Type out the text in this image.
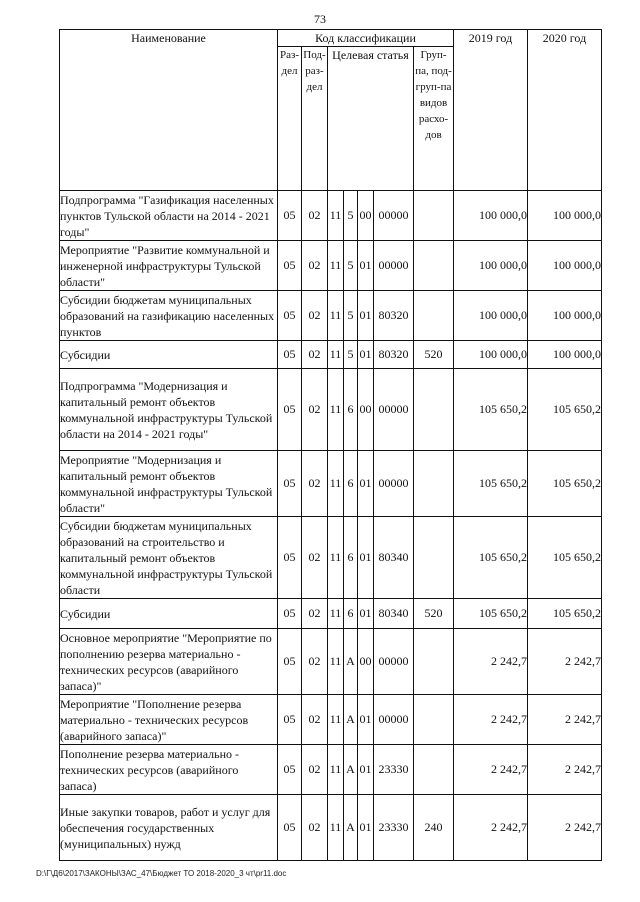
73
Наименование	Код классификации							2019 год	2020 год
	Раз-дел	Под-раз-дел	Целевая статья				Груп-па, под-груп-па видов расхо-дов		
Подпрограмма "Газификация населенных пунктов Тульской области на 2014 - 2021 годы"	05	02	11	5	00	00000		100 000,0	100 000,0
Мероприятие "Развитие коммунальной и инженерной инфраструктуры Тульской области"	05	02	11	5	01	00000		100 000,0	100 000,0
Субсидии бюджетам муниципальных образований на газификацию населенных пунктов	05	02	11	5	01	80320		100 000,0	100 000,0
Субсидии	05	02	11	5	01	80320	520	100 000,0	100 000,0
Подпрограмма "Модернизация и капитальный ремонт объектов коммунальной инфраструктуры Тульской области на 2014 - 2021 годы"	05	02	11	6	00	00000		105 650,2	105 650,2
Мероприятие "Модернизация и капитальный ремонт объектов коммунальной инфраструктуры Тульской области"	05	02	11	6	01	00000		105 650,2	105 650,2
Субсидии бюджетам муниципальных образований на строительство и капитальный ремонт объектов коммунальной инфраструктуры Тульской области	05	02	11	6	01	80340		105 650,2	105 650,2
Субсидии	05	02	11	6	01	80340	520	105 650,2	105 650,2
Основное мероприятие "Мероприятие по пополнению резерва материально - технических ресурсов (аварийного запаса)"	05	02	11	А	00	00000		2 242,7	2 242,7
Мероприятие "Пополнение резерва материально - технических ресурсов (аварийного запаса)"	05	02	11	А	01	00000		2 242,7	2 242,7
Пополнение резерва материально - технических ресурсов (аварийного запаса)	05	02	11	А	01	23330		2 242,7	2 242,7
Иные закупки товаров, работ и услуг для обеспечения государственных (муниципальных) нужд	05	02	11	А	01	23330	240	2 242,7	2 242,7
D:\Г\Д6\2017\ЗАКОНЫ\ЗАС_47\Бюджет ТО 2018-2020_3 чт\pr11.doc
